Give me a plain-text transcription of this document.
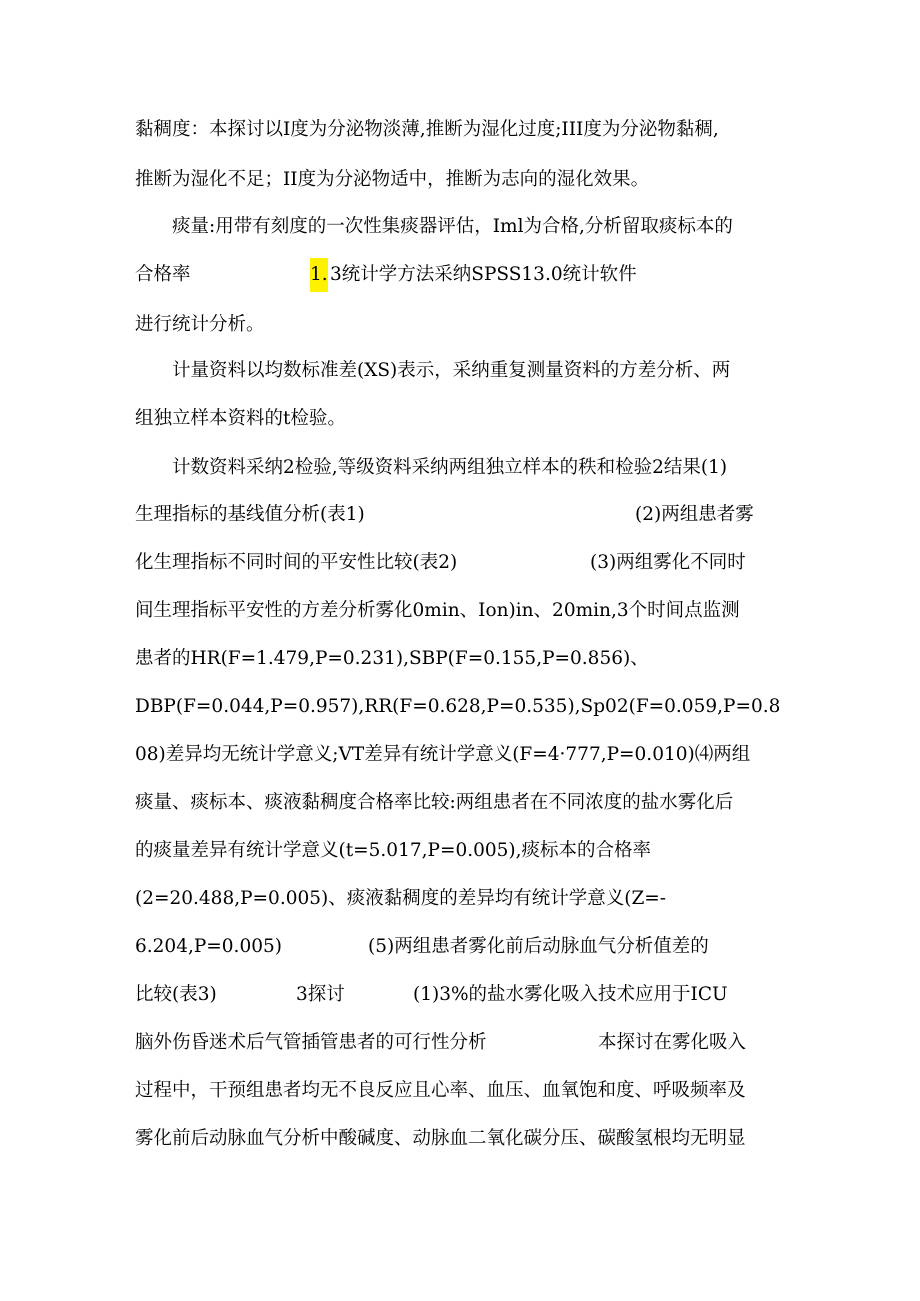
黏稠度：本探讨以I度为分泌物淡薄,推断为湿化过度;III度为分泌物黏稠,
推断为湿化不足；II度为分泌物适中，推断为志向的湿化效果。
痰量:用带有刻度的一次性集痰器评估，Iml为合格,分析留取痰标本的
合格率	1. 3统计学方法采纳SPSS13.0统计软件
进行统计分析。
计量资料以均数标准差(XS)表示，采纳重复测量资料的方差分析、两
组独立样本资料的t检验。
计数资料采纳2检验,等级资料采纳两组独立样本的秩和检验2结果(1)
生理指标的基线值分析(表1)	(2)两组患者雾
化生理指标不同时间的平安性比较(表2)	(3)两组雾化不同时
间生理指标平安性的方差分析雾化0min、Ion)in、20min,3个时间点监测
患者的HR(F=1.479,P=0.231),SBP(F=0.155,P=0.856)、
DBP(F=0.044,P=0.957),RR(F=0.628,P=0.535),Sp02(F=0.059,P=0.8
08)差异均无统计学意义;VT差异有统计学意义(F=4·777,P=0.010)⑷两组
痰量、痰标本、痰液黏稠度合格率比较:两组患者在不同浓度的盐水雾化后
的痰量差异有统计学意义(t=5.017,P=0.005),痰标本的合格率
(2=20.488,P=0.005)、痰液黏稠度的差异均有统计学意义(Z=-
6.204,P=0.005)	(5)两组患者雾化前后动脉血气分析值差的
比较(表3)	3探讨	(1)3%的盐水雾化吸入技术应用于ICU
脑外伤昏迷术后气管插管患者的可行性分析	本探讨在雾化吸入
过程中，干预组患者均无不良反应且心率、血压、血氧饱和度、呼吸频率及
雾化前后动脉血气分析中酸碱度、动脉血二氧化碳分压、碳酸氢根均无明显
